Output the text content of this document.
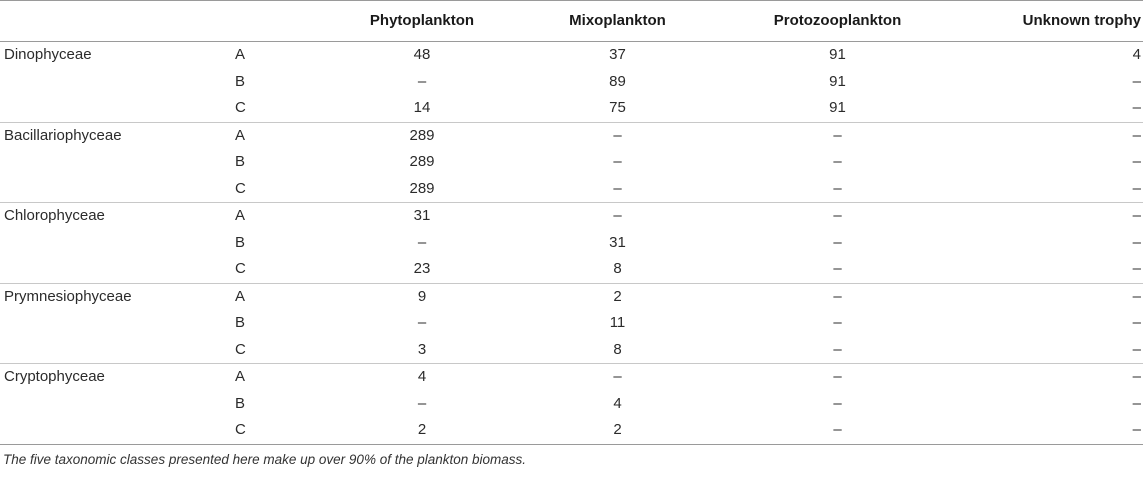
		Phytoplankton	Mixoplankton	Protozooplankton	Unknown trophy
Dinophyceae	A	48	37	91	4
	B	–	89	91	–
	C	14	75	91	–
Bacillariophyceae	A	289	–	–	–
	B	289	–	–	–
	C	289	–	–	–
Chlorophyceae	A	31	–	–	–
	B	–	31	–	–
	C	23	8	–	–
Prymnesiophyceae	A	9	2	–	–
	B	–	11	–	–
	C	3	8	–	–
Cryptophyceae	A	4	–	–	–
	B	–	4	–	–
	C	2	2	–	–
The five taxonomic classes presented here make up over 90% of the plankton biomass.
